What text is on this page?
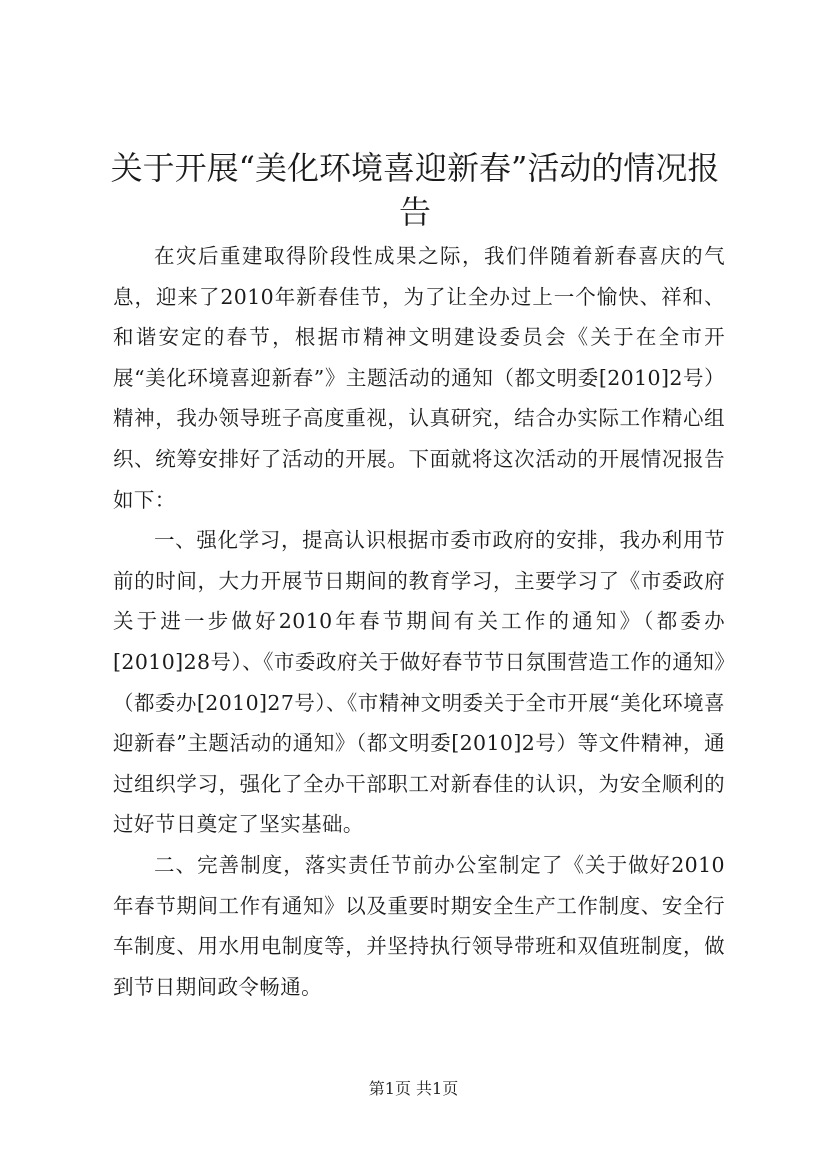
关于开展“美化环境喜迎新春”活动的情况报告

在灾后重建取得阶段性成果之际，我们伴随着新春喜庆的气息，迎来了2010年新春佳节，为了让全办过上一个愉快、祥和、和谐安定的春节，根据市精神文明建设委员会《关于在全市开展“美化环境喜迎新春”》主题活动的通知（都文明委[2010]2号）精神，我办领导班子高度重视，认真研究，结合办实际工作精心组织、统筹安排好了活动的开展。下面就将这次活动的开展情况报告如下：

一、强化学习，提高认识根据市委市政府的安排，我办利用节前的时间，大力开展节日期间的教育学习，主要学习了《市委政府关于进一步做好2010年春节期间有关工作的通知》（都委办[2010]28号）、《市委政府关于做好春节节日氛围营造工作的通知》（都委办[2010]27号）、《市精神文明委关于全市开展“美化环境喜迎新春”主题活动的通知》（都文明委[2010]2号）等文件精神，通过组织学习，强化了全办干部职工对新春佳的认识，为安全顺利的过好节日奠定了坚实基础。

二、完善制度，落实责任节前办公室制定了《关于做好2010年春节期间工作有通知》以及重要时期安全生产工作制度、安全行车制度、用水用电制度等，并坚持执行领导带班和双值班制度，做到节日期间政令畅通。

第1页 共1页
